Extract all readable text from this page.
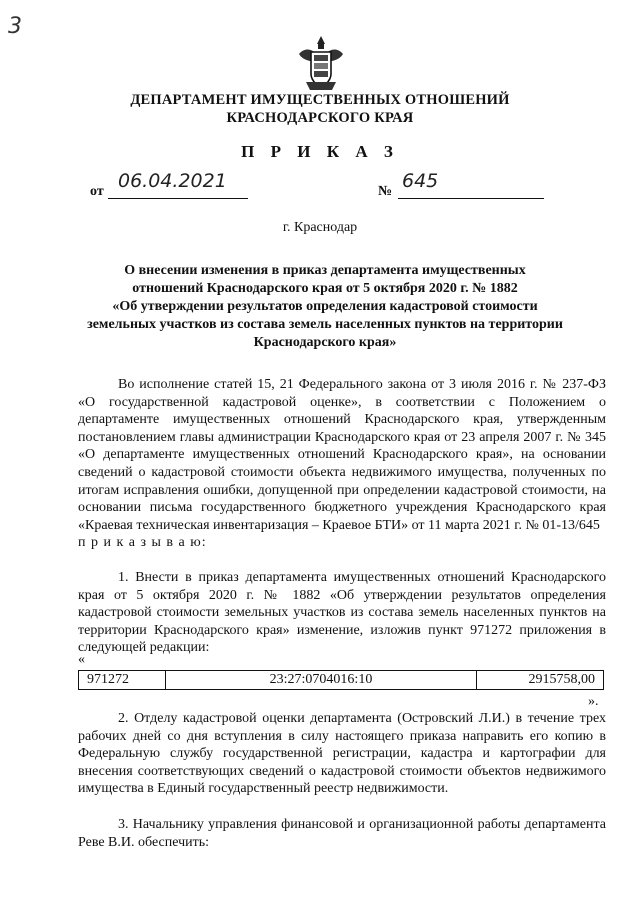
3
ДЕПАРТАМЕНТ ИМУЩЕСТВЕННЫХ ОТНОШЕНИЙ
КРАСНОДАРСКОГО КРАЯ
П Р И К А З
от 06.04.2021	№ 645
г. Краснодар
О внесении изменения в приказ департамента имущественных
отношений Краснодарского края от 5 октября 2020 г. № 1882
«Об утверждении результатов определения кадастровой стоимости
земельных участков из состава земель населенных пунктов на территории
Краснодарского края»

Во исполнение статей 15, 21 Федерального закона от 3 июля 2016 г. № 237-ФЗ «О государственной кадастровой оценке», в соответствии с Положением о департаменте имущественных отношений Краснодарского края, утвержденным постановлением главы администрации Краснодарского края от 23 апреля 2007 г. № 345 «О департаменте имущественных отношений Краснодарского края», на основании сведений о кадастровой стоимости объекта недвижимого имущества, полученных по итогам исправления ошибки, допущенной при определении кадастровой стоимости, на основании письма государственного бюджетного учреждения Краснодарского края «Краевая техническая инвентаризация – Краевое БТИ» от 11 марта 2021 г. № 01-13/645

п р и к а з ы в а ю:

1. Внести в приказ департамента имущественных отношений Краснодарского края от 5 октября 2020 г. № 1882 «Об утверждении результатов определения кадастровой стоимости земельных участков из состава земель населенных пунктов на территории Краснодарского края» изменение, изложив пункт 971272 приложения в следующей редакции:

«
971272	23:27:0704016:10	2915758,00
».

2. Отделу кадастровой оценки департамента (Островский Л.И.) в течение трех рабочих дней со дня вступления в силу настоящего приказа направить его копию в Федеральную службу государственной регистрации, кадастра и картографии для внесения соответствующих сведений о кадастровой стоимости объектов недвижимого имущества в Единый государственный реестр недвижимости.

3. Начальнику управления финансовой и организационной работы департамента Реве В.И. обеспечить:
